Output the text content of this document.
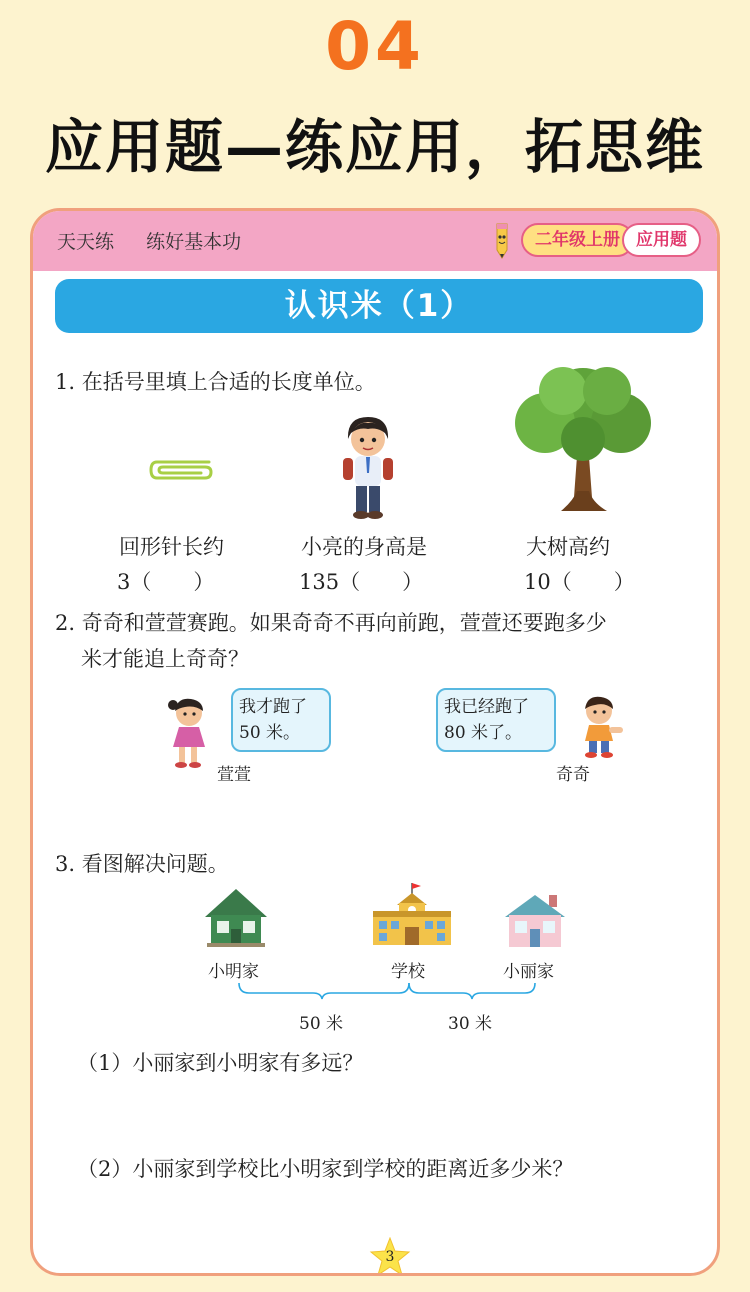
04
应用题—练应用，拓思维
天天练 练好基本功	二年级上册 应用题
认识米（1）
1. 在括号里填上合适的长度单位。
回形针长约	小亮的身高是	大树高约
3（　　）	135（　　）	10（　　）
2. 奇奇和萱萱赛跑。如果奇奇不再向前跑，萱萱还要跑多少
米才能追上奇奇？
我才跑了
50 米。
萱萱
我已经跑了
80 米了。
奇奇
3. 看图解决问题。
小明家	学校	小丽家
50 米	30 米
（1）小丽家到小明家有多远？
（2）小丽家到学校比小明家到学校的距离近多少米？
3
